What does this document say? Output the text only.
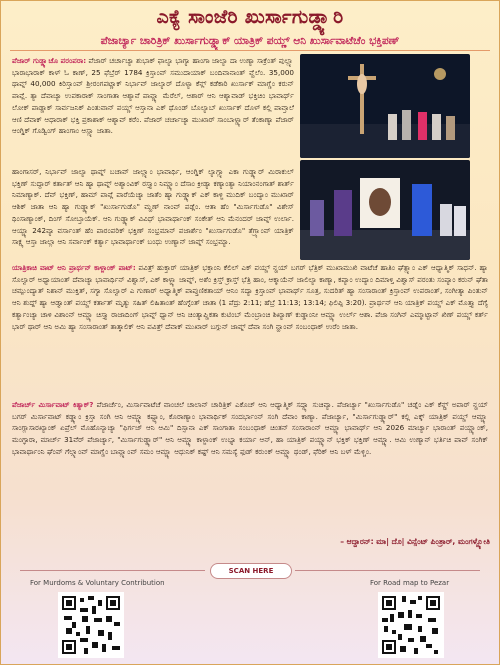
ಎಕ್ಯೆ ಸಾಂಜೆರಿ ಖುರ್ಸಾಗುಡ್ಡ್ಯಾರಿ
ಪೆಜಾರ್ಚ್ಯಾ ಚಾರಿತ್ರಿಕ್ ಖುರ್ಸಾಗುಡ್ಡ್ಯಾಕ್ ಯಾತ್ರಿಕ್ ಪಯ್ಣ್ ಆನಿ ಖುರ್ಸಾವಾಟೆಚೆಂ ಭಕ್ತಿಪಣ್
ಪೆಜಾರ್ ಗುಡ್ಡ್ಯಾಚೊ ಪರಂಪರಾ: ಪೆಜಾರ್ ಚರ್ಚಾಚ್ಯಾ ಶುಭಾಕ್ ಫಾಲ್ಯಾ ಭಾಗ್ಯಾ ಹಾಂಗಾ ಜಾಲ್ಯಾ ದಾ ಉಣ್ಯಾ ಸಾಕ್ರೆಂತ್ ಪುಲ್ಲ್ಯಾ ಭಾರಾಭಾರಾಕ್ ಕಾಳ್ ಓ ಕಾಣ್, 25 ಫೆಬ್ರೆರ್ 1784 ಕ್ರಿಸ್ತಾಂವ್ ಸಮುದಾಯಾಕ್ ಬಂದಿವಾನಾಂತ್ ವ್ಹೆಲೆಂ. 35,000 ಥಾವ್ನ್ 40,000 ಕಿರಿಸ್ತಾಂವ್ ಶ್ರೀರಂಗಪಟ್ಣಾಕ್ ನಿರ್ಭಾವ್ ಜಾಲ್ಯಾರ್ ದೊಳ್ಯಾ ಕೆನ್ಲ್ ಕಡೆಕಾರಿ ಖುರ್ಸಾಕ್ ಮಾಗ್ಣೆಂ ಕರುನ್ ಪಾವ್ಲೆ. ತ್ಯಾ ದೆವಾಚ್ಯಾ ಉಪಕಾರಾಕ್ ಸಾಂಗಾತಾ ಆಶ್ಯಾವೆ ಪಾವ್ಣ್ಯಾ ಮೆರೆಲ್, ಆಶಾರ್ ಆನಿ ಆಶ್ಯಾವಾಡ್ ಭಕ್ತಿಚಿಂ ಭಾವಾರ್ಥ್ ಲೋಕ್ ಪಾಡ್ಣಾಕ್ ಸಾರ್ವಜನಿಕ್ ಪಿಂತುವಾನ್ ಪಯ್ಣ್ ಆಸ್ತಾನಾ ಎಕ್ ಥೊಂಡ್ ಬೊಲ್ಯಾಬ್ ಖುರ್ಸಾಕ್ ದೊಳ್ ಕಲ್ಲಿ ಪಾವ್ತಾಲೆ ಆಣಿ ದೆವಾಕ್ ಆಧಾರಾಕ್ ಭಕ್ತಿ ಪ್ರಕಾಶಾಕ್ ಆಶ್ಯಾವ್ ಕರೆಂ. ಪೆಜಾರ್ ಚರ್ಚಾಚ್ಯಾ ಮುಖಾರ್ ಸಾಂಬಾಳ್ಣ್ಯಾರ್ ತೆಂಕಾಣ್ಯಾ ಪೆಜಾರ್ ಆಂಗ್ಡಿಕ್ ಗೊಡ್ವಿಂಗ್ ಹಾಂಗಾಂ ಆಸ್ಲ್ಯಾ ಜಾತಾ.
ಹಾಂಗಾಸರ್, ನಿರ್ಭಾವ್ ಜಾಲ್ಯಾ ಥಾವ್ನ್ ಬಚಾವ್ ಜಾಲ್ಲ್ಯಾಂ ಭಾವಾರ್ಥಿ, ಆಂಗ್ಡಿಕ್ ಲ್ಯಾಗ್ಲ್ಯಾ ಎಕಾ ಗುಡ್ಡ್ಯಾರ್ ಮಿರಾಕುಲ್ ಭಕ್ತಿಣ್ ಸುದ್ದಾರ್ ಕರ್ತಾತ್ ಆನಿ ಹ್ಯಾ ಥಾವ್ನ್ ಅಶ್ಯಾಂವಿಕ್ ರಸ್ತ್ಯಾಂ ನಿಮ್ಣ್ಯಾಂ ದೆಸಾಂ ಕ್ರೀಡ್ಯಾ ಕಣ್ಯಾಂತ್ಯಾ ನಿಯಾಂನಂಗಾತ್ ಶಾರ್ತ್ ನಿಮಾಣ್ಯಾಕ್. ದೆವ್ ಭಕ್ತಿಣ್, ಹಾಮ್ ಪಾವ್ಲೆ ಪಾರೆಯೆಚ್ಯಾ ಜಾತೆಂ ಹ್ಯಾ ಗುಡ್ಡ್ಯಾಕ್ ಎಕ್ ಕಾಳ್ಜಿ ಮುದಿಕ್ ಬಂದ್ಯಾಂ ಮುಖಾರ್ ಆಶಿಕ್ ಜಾತಾ ಆನಿ ಹ್ಯಾ ಗುಡ್ಡ್ಯಾಕ್ "ಖುರ್ಸಾಗುಡೊ" ಮ್ಹಣ್ ನಾಂವ್ ಪಡ್ಲೆಂ. ಆತಾ ಹೆಂ "ಮಿರ್ಸಾಗುಡೊ" ವಿಶೇಸ್ ಥಿಂಸಾಣ್ಯಾಂಕ್, ದಿಂಗ್ ಸೋಬ್ತಾಯೆಕ್. ಆನಿ ಗುಡ್ಡ್ಯಾಕ್ ವಿವಿಧ್ ಭಾವಾರ್ಥಾಂಕ್ ಸಂಕೇತ್ ಆನಿ ಮೆನಂದರ್ ಜಾವ್ನ್ ಉರ್ಲಾ. ಆಯ್ಚ್ಯಾ 242ವ್ಯಾ ವರ್ಸಾಂತ್ ಹೆಂ ಪಾರಂಪರಿಕ್ ಭಕ್ತಿಣ್ ಸಂಭ್ರಮಾನ್ ಪಜಾರ್ಶೆಂ "ಖುರ್ಸಾಗುಡೊ" ತೆಗ್ರ್ಯಾಂವ್ ಯಾತ್ರಿಕ್ ಸಾಕ್ಷ್ಯ ಆಸ್ತಾ ಜಾಲ್ಲಾ ಆನಿ ಸರ್ವಾಂಕ್ ಕರ್ತ್ಯಾ ಭಾವಾರ್ಥಾಂಕ್ ಬಂಧು ಉಣ್ಯಾನ್ ಜಾವ್ನ್ ಸಂಭ್ರಮ್ಯಾ.
ಯಾತ್ರಿಕಾಚಿ ವಾಟ್ ಆನಿ ಪ್ರಾರ್ಥನ್ ಕಾಳ್ಜಾಂಕ್ ಪಾಟ್: ಪವಿತ್ರ್ ಹುಕ್ತಾರ್ ಯಾತ್ರಿಕ್ ಭಕ್ತಾಂನಿ ಕೆಲಿಲ್ ಎಕ್ ಪಯ್ಣ್ ನ್ಹಯ್ ಬಗರ್ ಭೆತ್ರಿಕ್ ಮುಖಾಮುಖಿ ವಾಟೆಚೆ ಹಾತಿಂ ಘೆತ್ಲ್ಯಾಂ ಎಕ್ ಆಧ್ಯಾತ್ಮಿಕ್ ಸಾಧನ್. ಹ್ಯಾ ಸೊಲ್ವಾರ್ ಅಧ್ಯಾಯಾಂತ್ ದೆವಾಚ್ಯಾ ಭಾವಾರ್ಥಿನ್ ವಿಶ್ವಾಸ್, ಎಕ್ ಕಾಳ್ಜ್ಯಾ ಜಾವ್ನ್, ಅಶೆಂ ಕ್ರಿಸ್ತ್ ಕ್ರಾಸ್ತ್ ಭೆತ್ರಿ ಹಾಂ, ಆಕ್ಮಾಯೆನ್ ಜಾಲಿಲ್ಯಾ ಕಾಣ್ಯಾ, ಕಪ್ಯಾಂ ಉದ್ಯಾಂ ದಿಮಾಳ್ತಿ ವಿಶ್ವಾಸ್ ಪರಂತು ಸಂಪ್ಯಾಂ ಕರುನ್ ಘೆತಾ ಚಮ್ಪುಂದ್ಯಾತ್ ನಿಶಾನ್ ಮುಕ್ತಿತ್, ಸಗ್ಯಾ ಸೊಲ್ವಾರ್ ಎ ಗುಣಾರ್ ಅಧ್ಯಾತ್ಮಿಕ್ ಪಾಪ್ತುಣಿಕತಾಯ್ ಆನಿಂ ಸದ್ಯಾ ಕ್ರಿಸ್ತಾಂವ್ ಭಾವಾರ್ಥ್ ಸೂತ್ರ, ಸುದರಿತ್ ಹ್ಯಾ ಸಂಸಾರಾಂತ್ ಕ್ರಿಸ್ತಾಂವ್ ಉಪರಾಂತ್, ಸಂಗೀತ್ಯಾ ಪಿಂತುನ್ ಆನಿ ಶುದ್ದ್ ಹ್ಯಾ ಆಡ್ವಾಂತ್ ಪಯ್ಣ್ ಕರ್ತಾತ್ ಮೃತ್ಯು ಸಹಿತ್ ಲಿಹಿತಾಂತ್ ಹೆಂಗ್ಳೆಂತ್ ಚಾತಾ (1 ಪೆದ್ರು 2:11; ಹೆಬ್ರೆ 11:13; 13:14; ಫಿಲಿಪ್ಪಿ 3:20). ಪ್ರಾರ್ಥನ್ ಆನಿ ಯಾತ್ರಿಕ್ ಪಯ್ಣ್ ಎಕ್ ಮೊತ್ತ್ಯಾ ದೆಗ್ಯೆ ಕರ್ತ್ಯಾಂಚ್ಯಾ ಚಾಳಿ ವಿಶಾಂನ್ ಆಮ್ಚ್ಯಾ ಚಿಸ್ತ್ಯಾ ರಾಜಾದಿಂಗ್ ಭಾವ್ನ್ ಧ್ಯಾನ್ ಆನಿ ಚಿಂತ್ಯಾಪ್ಣಿಕತಾ ಕುಟಿಂಬ್ ಮೆಂಬ್ರಾಂಚಿ ಶಿಖ್ಯಾಣ್ ಕುಡ್ಡಾಂನೀ ಆಮ್ಚ್ಯಾ ಉರ್ಲ್ ಆಶಾ. ಪೆಜಾ ಸಂಗಿನ್ ಎಮ್ಮಾಟ್ಟಾನ್ ಖಿಣ್ ಪಯ್ಣ್ ಕರ್ತ್ ಭಾರ್ ಥಾರ್ ಆನಿ ಅಮಿ ಹ್ಯಾ ಸಂಸಾರಾಂತ್ ತಾತ್ಕಾಲಿಕ್ ಆನಿ ಪವಿತ್ರ್ ದೆವಾಕ್ ಮುಖಾರ್ ಬಗ್ಗುನ್ ಜಾವ್ನ್ ದೆವಾ ಸಂಗಿ ನ್ಹಾಂವ್ ಸಂಬಂಧಾಕ್ ಉರೆಂ ಜಾತಾ.
ಪೆಜಾರ್ಚ್ ಮಿರ್ಸಾವಾಟ್ ಕಿತ್ಯಾಕ್? ಪೆಜಾರ್ಚೆಂ, ಮಿರ್ಸಾವಾಟೆಚೆ ವಾಂಚಲೆ ಚಾಲಾನ್ ಚಾರಿತ್ರಿಕ್ ಎಕೊಚ್ ಆನಿ ಆಧ್ಯಾತ್ಮಿಕ್ ಸದ್ದ್ಯಾ ಸುಚಿವ್ಯಾ. ಪೆಜಾರ್ಚ್ಯಾ "ಖುರ್ಸಾಗುಡೊ" ಚಡ್ನೆಂ ಎಕ್ ಕೆನ್ಲ್ರ್ ಅಪಾರ್ ನ್ಹಯ್ ಬಗರ್ ಮಿರ್ಸಾವಾಟ್ ಕಡ್ಡ್ಯಾಂ ಕ್ರಿಸ್ತಾ ಸಂಗಿ ಆನಿ ಆಮ್ಚ್ಯಾ ಕಷ್ಟ್ಯಾಂ, ಕೊರಾಣ್ಯಾಂ ಭಾವಾರ್ಥಿಕ್ ಸಂದರ್ಭಾಂನ್ ಸಂಗಿ ದೆವಾಂ ಕಾಣ್ಯಾ. ಪೆಜಾರ್ಚ್ಯಾ, "ಮಿರ್ಸಾಗುಡ್ಡ್ಯಾರ್" ಕಲ್ಲಿ ಎಕ್ಕ್ ಯಾತ್ರಿಕ್ ಪಯ್ಣ್ ಆಮ್ಚ್ಯಾ ಸಾಂಗ್ಲಾಸಾರಖ್ಯಾಂಕ್ ಏಪ್ರೆಲ್ ಮೊಹೊನ್ಯಾಚ್ಯಾ "ಫಿರ್ಗಜ್ ಆನಿ ಆಮಿ" ದಿಸ್ಸಾನಾ ಎಕ್ ಸಾಂಗಾತಾ ಸಂಬಂಧಾಕ್ ಚಿಂತನ್ ಸಂಸಾರಾಂನ್ ಆಮ್ಚ್ಯಾ ಭಾವಾರ್ಥ್ ಆನಿ 2026 ಮಾರ್ಚ್ಯಾ ಭಾರಾಂತ್ ಪಯ್ಣ್ಯಾಂಕ್, ಮಂಗ್ಳಾರಾ, ಮಾರ್ಚ್ 31ವೆರ್ ಪೆಜಾರ್ಚ್ಯಾ, "ಮಿರ್ಸಾಗುಡ್ಡ್ಯಾರ್" ಆನಿ ಆಮ್ಚ್ಯಾ ಕಾಳ್ಜಾಂಕ್ ಉಭ್ಯಾ ಕರ್ಯಾ ಆನ್, ಹಾ ಯಾತ್ರಿಕ್ ಪಯ್ಣ್ಯಾನ್ ಭಕ್ತಿಕ್ ಭಕ್ತಿಣ್ ಆಮ್ಚ್ಯಾ. ಆಮಿ ಉಣ್ಯಾನ್ ಭರ್ತಿಚಿ ಪಾವ್ ಸಂಗಿಕ್ ಭಾವಾರ್ಥಾಂನಿ ಘೆಂವ್ ಗೆಲ್ಗ್ಯಾಂವ್ ಮಾಗ್ಣೆಂ ಬಾವ್ಲ್ಯಾಂವ್ ಸಮಂ ಆಮ್ಚ್ಯಾ ಆಧುನಿಕ್ ಕಷ್ಟ್ ಆನಿ ಸಮಸ್ಯೆ ಫುಡ್ ಕರುಂಕ್ ಆಮ್ಚ್ಯಾ ಥಂಡ್, ಫೆರಿಕ್ ಆನಿ ಬಳ್ ಮೆಳ್ಚಿಂ.
– ಆದ್ದಾರನ್: ಮಾ| ದೊ| ವಿನ್ಸೆಂಟ್ ಪಿಂತ್ರಾರ್, ಮಂಗಳ್ಜ್ಯೋತಿ
SCAN HERE
For Murdoms & Voluntary Contribution	For Road map to Pezar
